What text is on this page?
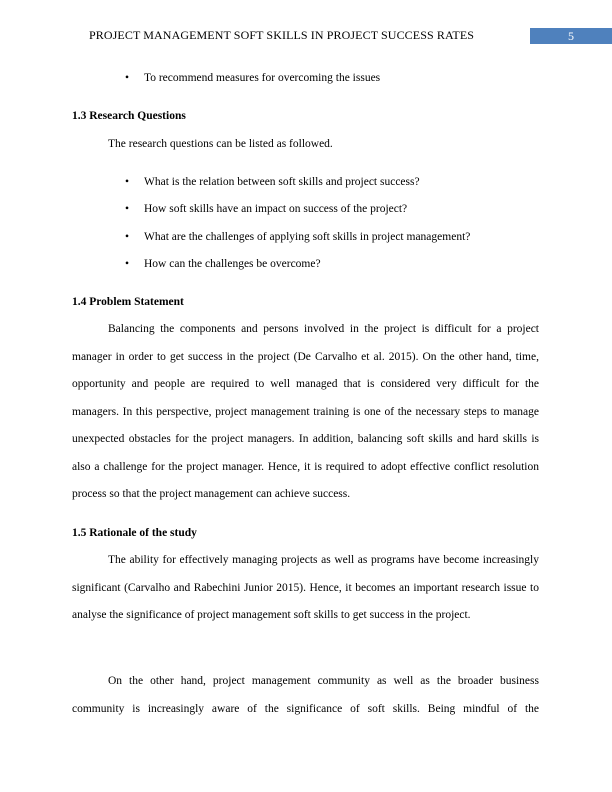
PROJECT MANAGEMENT SOFT SKILLS IN PROJECT SUCCESS RATES	5
• To recommend measures for overcoming the issues
1.3 Research Questions
The research questions can be listed as followed.
• What is the relation between soft skills and project success?
• How soft skills have an impact on success of the project?
• What are the challenges of applying soft skills in project management?
• How can the challenges be overcome?
1.4 Problem Statement

Balancing the components and persons involved in the project is difficult for a project manager in order to get success in the project (De Carvalho et al. 2015). On the other hand, time, opportunity and people are required to well managed that is considered very difficult for the managers. In this perspective, project management training is one of the necessary steps to manage unexpected obstacles for the project managers. In addition, balancing soft skills and hard skills is also a challenge for the project manager. Hence, it is required to adopt effective conflict resolution process so that the project management can achieve success.

1.5 Rationale of the study

The ability for effectively managing projects as well as programs have become increasingly significant (Carvalho and Rabechini Junior 2015). Hence, it becomes an important research issue to analyse the significance of project management soft skills to get success in the project.

On the other hand, project management community as well as the broader business community is increasingly aware of the significance of soft skills. Being mindful of the
